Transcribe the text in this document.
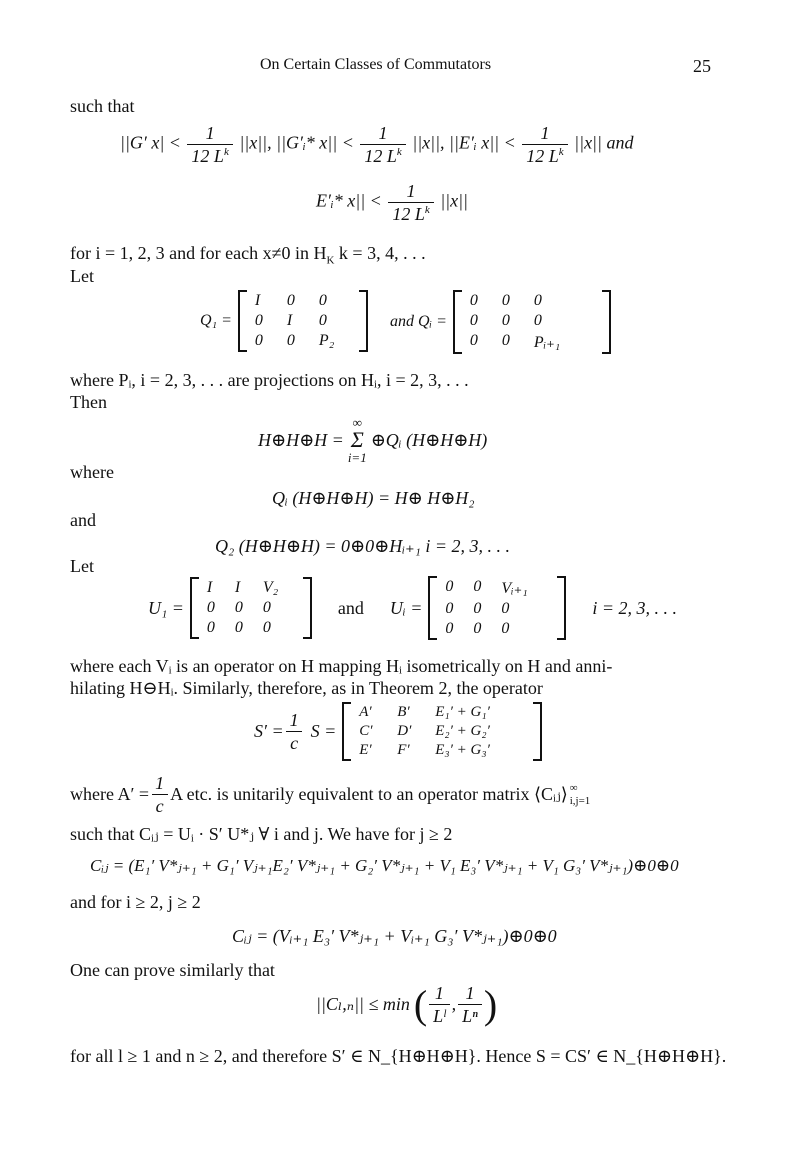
On Certain Classes of Commutators	25
such that
||G′ $x| < \frac{1}{12 L^k} ||x||$, ||G′ᵢ* $x|| < \frac{1}{12 L^k} ||x||$, ||E′ᵢ $x|| < \frac{1}{12 L^k} ||x||$ and
E′ᵢ* $x|| < \frac{1}{12 L^k} ||x||$
for i = 1, 2, 3 and for each x≠0 in $H_K$ k = 3, 4, . . .
Let
Q₁ =
I	0	0
0	I	0
0	0	P₂
and Qᵢ =
0	0	0
0	0	0
0	0	Pᵢ₊₁
where Pᵢ, i = 2, 3, . . . are projections on Hᵢ, i = 2, 3, . . .
Then
H⊕H⊕H =
∞
Σ
i=1
⊕Qᵢ (H⊕H⊕H)
where
Qᵢ (H⊕H⊕H) = H⊕ H⊕H₂
and
Q₂ (H⊕H⊕H) = 0⊕0⊕Hᵢ₊₁ i = 2, 3, . . .
Let
U₁ =
I	I	V₂
0	0	0
0	0	0
and Uᵢ =
0	0	Vᵢ₊₁
0	0	0
0	0	0
i = 2, 3, . . .
where each Vᵢ is an operator on H mapping Hᵢ isometrically on H and anni-
hilating H⊖Hᵢ. Similarly, therefore, as in Theorem 2, the operator
$S' = \frac{1}{c}$ S =
A′	B′	E₁′ + G₁′
C′	D′	E₂′ + G₂′
E′	F′	E₃′ + G₃′
where $A' = \frac{1}{c}$ A etc. is unitarily equivalent to an operator matrix ⟨Cᵢⱼ⟩ ∞
i,j=1
such that Cᵢⱼ = Uᵢ · S′ U*ⱼ ∀ i and j. We have for j ≥ 2
Cᵢⱼ = (E₁′ V*ⱼ₊₁ + G₁′ Vⱼ₊₁E₂′ V*ⱼ₊₁ + G₂′ V*ⱼ₊₁ + V₁ E₃′ V*ⱼ₊₁ + V₁ G₃′ V*ⱼ₊₁)⊕0⊕0
and for i ≥ 2, j ≥ 2
Cᵢⱼ = (Vᵢ₊₁ E₃′ V*ⱼ₊₁ + Vᵢ₊₁ G₃′ V*ⱼ₊₁)⊕0⊕0
One can prove similarly that
||Cₗ,ₙ|| ≤ min ( $\frac{1}{\text{Lˡ}}$ , $\frac{1}{\text{Lⁿ}}$ )
for all l ≥ 1 and n ≥ 2, and therefore S′ ∈ N_{H⊕H⊕H}. Hence S = CS′ ∈ N_{H⊕H⊕H}.
